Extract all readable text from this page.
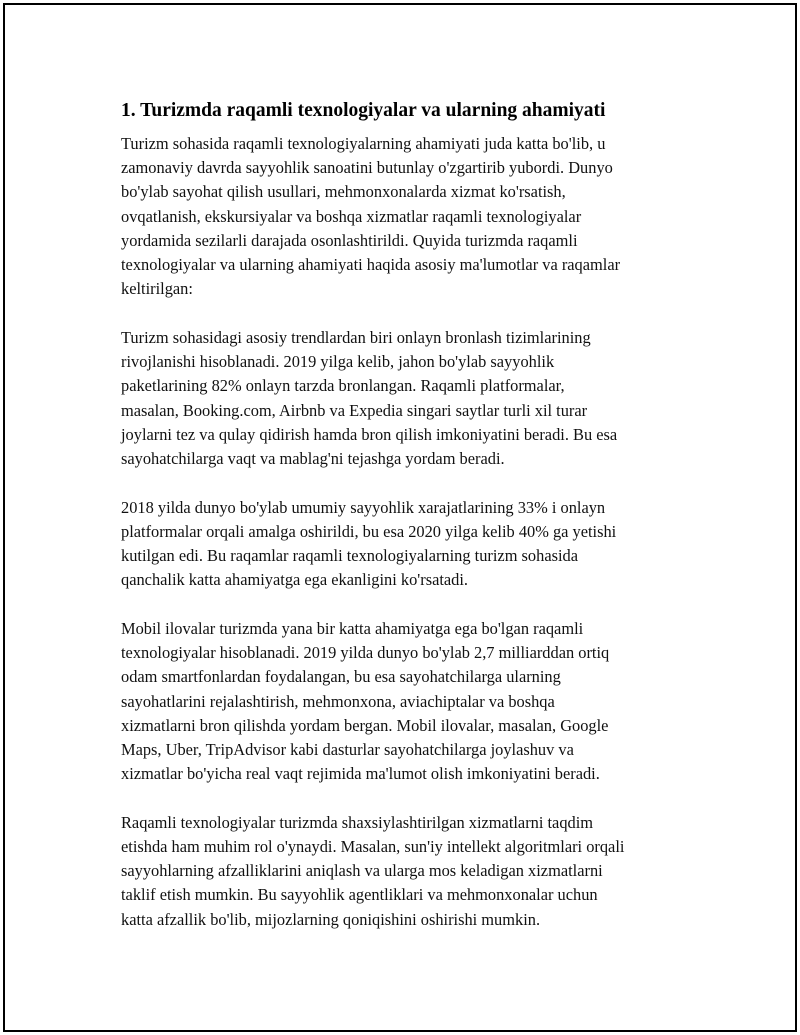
1. Turizmda raqamli texnologiyalar va ularning ahamiyati

Turizm sohasida raqamli texnologiyalarning ahamiyati juda katta bo'lib, u
zamonaviy davrda sayyohlik sanoatini butunlay o'zgartirib yubordi. Dunyo
bo'ylab sayohat qilish usullari, mehmonxonalarda xizmat ko'rsatish,
ovqatlanish, ekskursiyalar va boshqa xizmatlar raqamli texnologiyalar
yordamida sezilarli darajada osonlashtirildi. Quyida turizmda raqamli
texnologiyalar va ularning ahamiyati haqida asosiy ma'lumotlar va raqamlar
keltirilgan:

Turizm sohasidagi asosiy trendlardan biri onlayn bronlash tizimlarining
rivojlanishi hisoblanadi. 2019 yilga kelib, jahon bo'ylab sayyohlik
paketlarining 82% onlayn tarzda bronlangan. Raqamli platformalar,
masalan, Booking.com, Airbnb va Expedia singari saytlar turli xil turar
joylarni tez va qulay qidirish hamda bron qilish imkoniyatini beradi. Bu esa
sayohatchilarga vaqt va mablag'ni tejashga yordam beradi.

2018 yilda dunyo bo'ylab umumiy sayyohlik xarajatlarining 33% i onlayn
platformalar orqali amalga oshirildi, bu esa 2020 yilga kelib 40% ga yetishi
kutilgan edi. Bu raqamlar raqamli texnologiyalarning turizm sohasida
qanchalik katta ahamiyatga ega ekanligini ko'rsatadi.

Mobil ilovalar turizmda yana bir katta ahamiyatga ega bo'lgan raqamli
texnologiyalar hisoblanadi. 2019 yilda dunyo bo'ylab 2,7 milliarddan ortiq
odam smartfonlardan foydalangan, bu esa sayohatchilarga ularning
sayohatlarini rejalashtirish, mehmonxona, aviachiptalar va boshqa
xizmatlarni bron qilishda yordam bergan. Mobil ilovalar, masalan, Google
Maps, Uber, TripAdvisor kabi dasturlar sayohatchilarga joylashuv va
xizmatlar bo'yicha real vaqt rejimida ma'lumot olish imkoniyatini beradi.

Raqamli texnologiyalar turizmda shaxsiylashtirilgan xizmatlarni taqdim
etishda ham muhim rol o'ynaydi. Masalan, sun'iy intellekt algoritmlari orqali
sayyohlarning afzalliklarini aniqlash va ularga mos keladigan xizmatlarni
taklif etish mumkin. Bu sayyohlik agentliklari va mehmonxonalar uchun
katta afzallik bo'lib, mijozlarning qoniqishini oshirishi mumkin.
